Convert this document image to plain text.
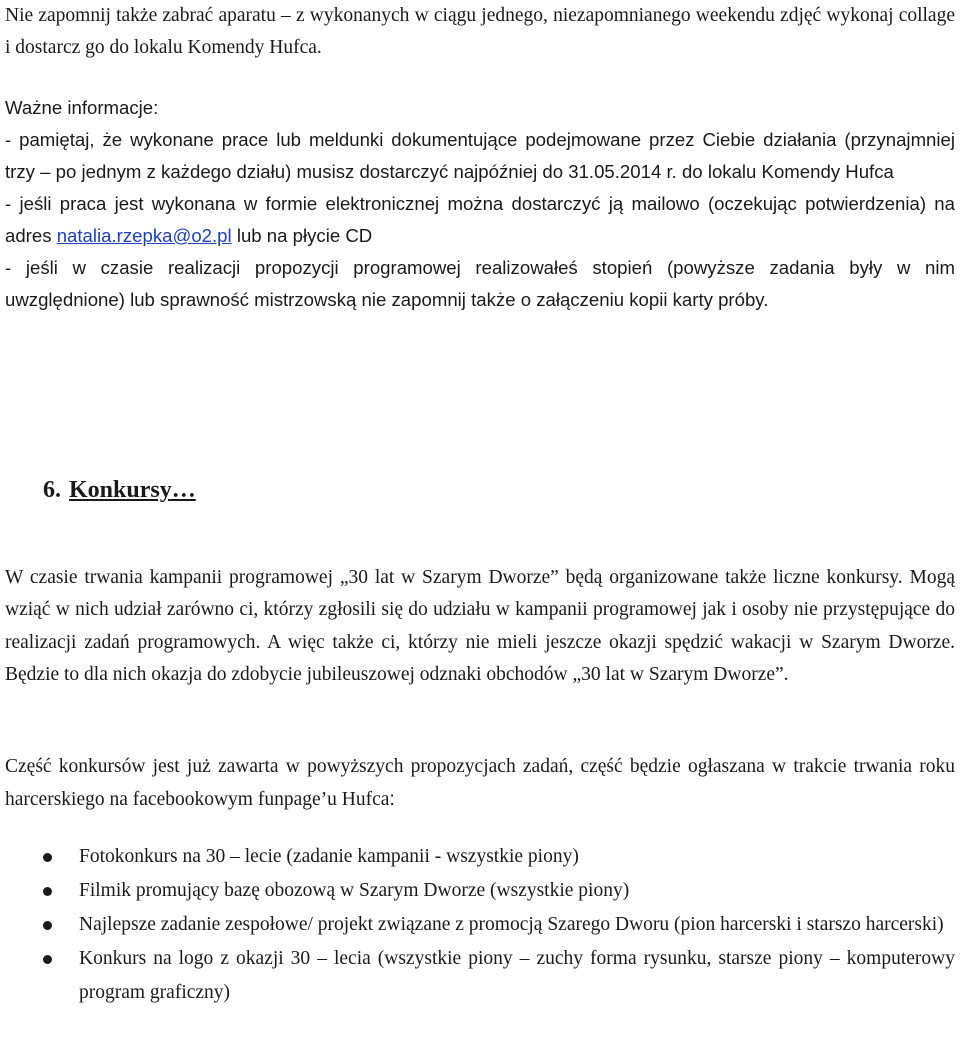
Nie zapomnij także zabrać aparatu – z wykonanych w ciągu jednego, niezapomnianego weekendu zdjęć wykonaj collage i dostarcz go do lokalu Komendy Hufca.

Ważne informacje:

- pamiętaj, że wykonane prace lub meldunki dokumentujące podejmowane przez Ciebie działania (przynajmniej trzy – po jednym z każdego działu) musisz dostarczyć najpóźniej do 31.05.2014 r. do lokalu Komendy Hufca

- jeśli praca jest wykonana w formie elektronicznej można dostarczyć ją mailowo (oczekując potwierdzenia) na adres natalia.rzepka@o2.pl lub na płycie CD

- jeśli w czasie realizacji propozycji programowej realizowałeś stopień (powyższe zadania były w nim uwzględnione) lub sprawność mistrzowską nie zapomnij także o załączeniu kopii karty próby.

6. Konkursy…

W czasie trwania kampanii programowej „30 lat w Szarym Dworze” będą organizowane także liczne konkursy. Mogą wziąć w nich udział zarówno ci, którzy zgłosili się do udziału w kampanii programowej jak i osoby nie przystępujące do realizacji zadań programowych. A więc także ci, którzy nie mieli jeszcze okazji spędzić wakacji w Szarym Dworze. Będzie to dla nich okazja do zdobycie jubileuszowej odznaki obchodów „30 lat w Szarym Dworze”.

Część konkursów jest już zawarta w powyższych propozycjach zadań, część będzie ogłaszana w trakcie trwania roku harcerskiego na facebookowym funpage’u Hufca:

Fotokonkurs na 30 – lecie (zadanie kampanii - wszystkie piony)
Filmik promujący bazę obozową w Szarym Dworze (wszystkie piony)
Najlepsze zadanie zespołowe/ projekt związane z promocją Szarego Dworu (pion harcerski i starszo harcerski)
Konkurs na logo z okazji 30 – lecia (wszystkie piony – zuchy forma rysunku, starsze piony – komputerowy program graficzny)
